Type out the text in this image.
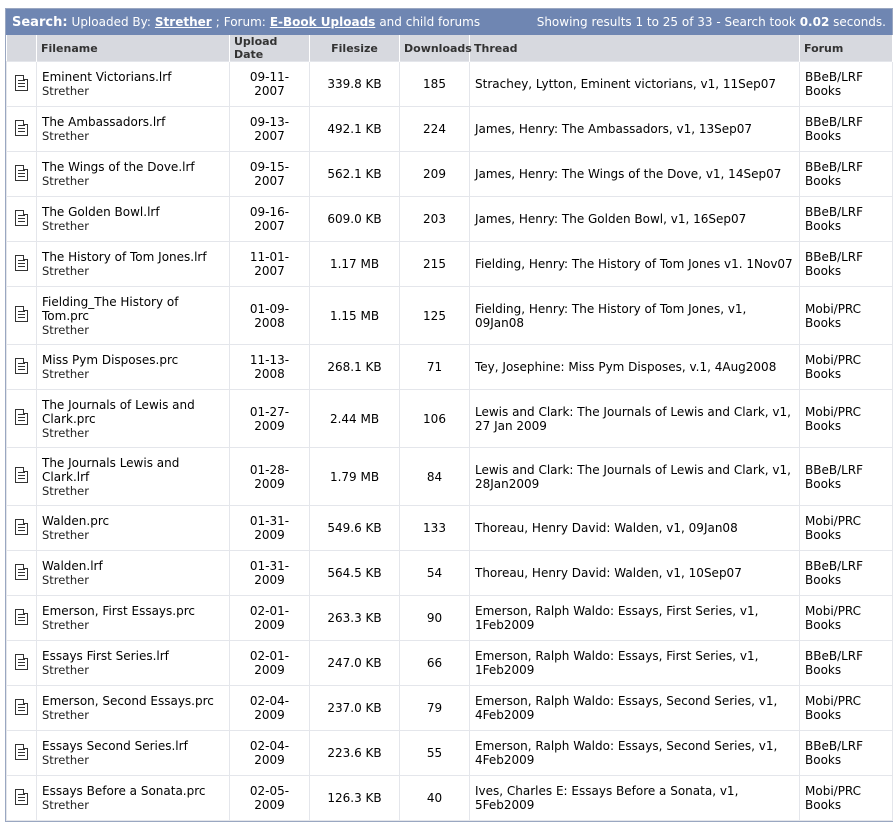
Search: Uploaded By: Strether ; Forum: E-Book Uploads and child forums	Showing results 1 to 25 of 33 - Search took 0.02 seconds.
	Filename	Upload Date	Filesize	Downloads	Thread	Forum

	Eminent Victorians.lrf
Strether	09-11-2007	339.8 KB	185	Strachey, Lytton, Eminent victorians, v1, 11Sep07	BBeB/LRF Books

	The Ambassadors.lrf
Strether	09-13-2007	492.1 KB	224	James, Henry: The Ambassadors, v1, 13Sep07	BBeB/LRF Books

	The Wings of the Dove.lrf
Strether	09-15-2007	562.1 KB	209	James, Henry: The Wings of the Dove, v1, 14Sep07	BBeB/LRF Books

	The Golden Bowl.lrf
Strether	09-16-2007	609.0 KB	203	James, Henry: The Golden Bowl, v1, 16Sep07	BBeB/LRF Books

	The History of Tom Jones.lrf
Strether	11-01-2007	1.17 MB	215	Fielding, Henry: The History of Tom Jones v1. 1Nov07	BBeB/LRF Books

	Fielding_The History of Tom.prc
Strether	01-09-2008	1.15 MB	125	Fielding, Henry: The History of Tom Jones, v1, 09Jan08	Mobi/PRC Books

	Miss Pym Disposes.prc
Strether	11-13-2008	268.1 KB	71	Tey, Josephine: Miss Pym Disposes, v.1, 4Aug2008	Mobi/PRC Books

	The Journals of Lewis and Clark.prc
Strether	01-27-2009	2.44 MB	106	Lewis and Clark: The Journals of Lewis and Clark, v1, 27 Jan 2009	Mobi/PRC Books

	The Journals Lewis and Clark.lrf
Strether	01-28-2009	1.79 MB	84	Lewis and Clark: The Journals of Lewis and Clark, v1, 28Jan2009	BBeB/LRF Books

	Walden.prc
Strether	01-31-2009	549.6 KB	133	Thoreau, Henry David: Walden, v1, 09Jan08	Mobi/PRC Books

	Walden.lrf
Strether	01-31-2009	564.5 KB	54	Thoreau, Henry David: Walden, v1, 10Sep07	BBeB/LRF Books

	Emerson, First Essays.prc
Strether	02-01-2009	263.3 KB	90	Emerson, Ralph Waldo: Essays, First Series, v1, 1Feb2009	Mobi/PRC Books

	Essays First Series.lrf
Strether	02-01-2009	247.0 KB	66	Emerson, Ralph Waldo: Essays, First Series, v1, 1Feb2009	BBeB/LRF Books

	Emerson, Second Essays.prc
Strether	02-04-2009	237.0 KB	79	Emerson, Ralph Waldo: Essays, Second Series, v1, 4Feb2009	Mobi/PRC Books

	Essays Second Series.lrf
Strether	02-04-2009	223.6 KB	55	Emerson, Ralph Waldo: Essays, Second Series, v1, 4Feb2009	BBeB/LRF Books

	Essays Before a Sonata.prc
Strether	02-05-2009	126.3 KB	40	Ives, Charles E: Essays Before a Sonata, v1, 5Feb2009	Mobi/PRC Books
